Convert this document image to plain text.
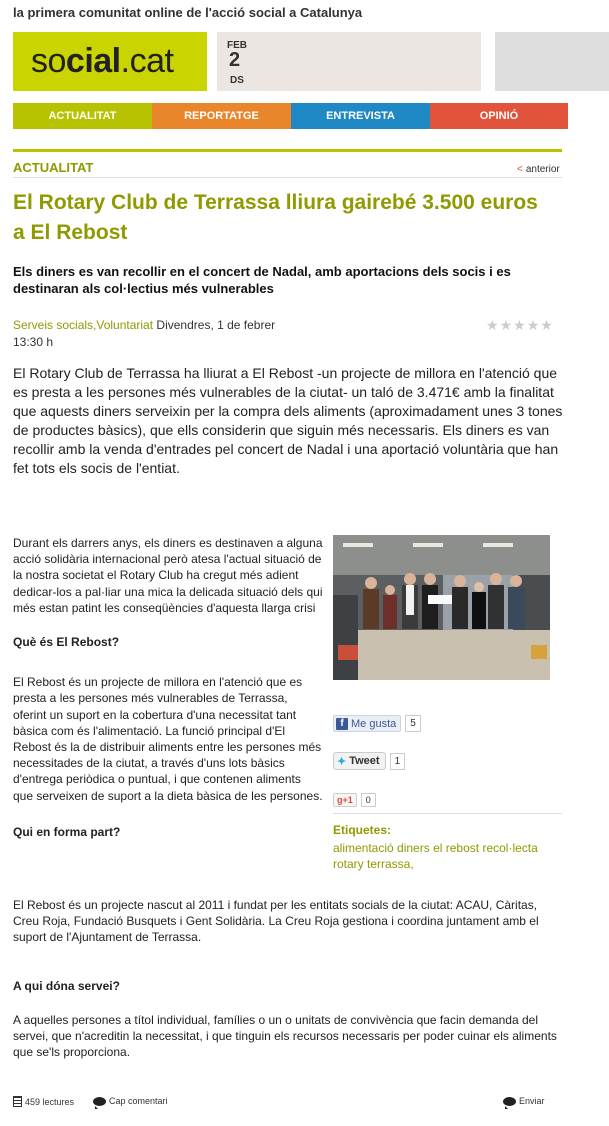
la primera comunitat online de l'acció social a Catalunya
social.cat	FEB
2
DS
ACTUALITAT	REPORTATGE	ENTREVISTA	OPINIÓ
ACTUALITAT	< anterior
El Rotary Club de Terrassa lliura gairebé 3.500 euros a El Rebost
Els diners es van recollir en el concert de Nadal, amb aportacions dels socis i es destinaran als col·lectius més vulnerables
Serveis socials,Voluntariat Divendres, 1 de febrer
13:30 h
★★★★★
El Rotary Club de Terrassa ha lliurat a El Rebost -un projecte de millora en l'atenció que es presta a les persones més vulnerables de la ciutat- un taló de 3.471€ amb la finalitat que aquests diners serveixin per la compra dels aliments (aproximadament unes 3 tones de productes bàsics), que ells considerin que siguin més necessaris. Els diners es van recollir amb la venda d'entrades pel concert de Nadal i una aportació voluntària que han fet tots els socis de l'entiat.
Durant els darrers anys, els diners es destinaven a alguna acció solidària internacional però atesa l'actual situació de la nostra societat el Rotary Club ha cregut més adient dedicar-los a pal·liar una mica la delicada situació dels qui més estan patint les conseqüències d'aquesta llarga crisi
Què és El Rebost?
El Rebost és un projecte de millora en l'atenció que es presta a les persones més vulnerables de Terrassa, oferint un suport en la cobertura d'una necessitat tant bàsica com és l'alimentació. La funció principal d'El Rebost és la de distribuir aliments entre les persones més necessitades de la ciutat, a través d'uns lots bàsics d'entrega periòdica o puntual, i que contenen aliments que serveixen de suport a la dieta bàsica de les persones.
Qui en forma part?
El Rebost és un projecte nascut al 2011 i fundat per les entitats socials de la ciutat: ACAU, Càritas, Creu Roja, Fundació Busquets i Gent Solidària. La Creu Roja gestiona i coordina juntament amb el suport de l'Ajuntament de Terrassa.
A qui dóna servei?
A aquelles persones a títol individual, famílies o un o unitats de convivència que facin demanda del servei, que n'acreditin la necessitat, i que tinguin els recursos necessaris per poder cuinar els aliments que se'ls proporciona.
f Me gusta	5
✦ Tweet	1
g +1	0
Etiquetes:
alimentació diners el rebost recol·lecta rotary terrassa,
459 lectures	Cap comentari	Enviar
